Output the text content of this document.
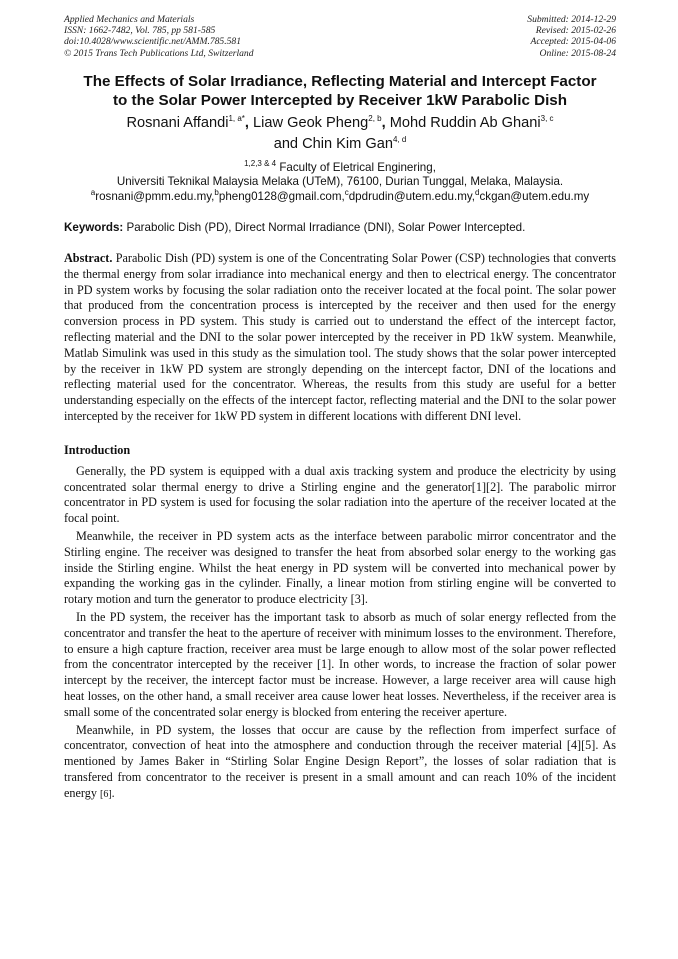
Applied Mechanics and Materials
ISSN: 1662-7482, Vol. 785, pp 581-585
doi:10.4028/www.scientific.net/AMM.785.581
© 2015 Trans Tech Publications Ltd, Switzerland
Submitted: 2014-12-29
Revised: 2015-02-26
Accepted: 2015-04-06
Online: 2015-08-24
The Effects of Solar Irradiance, Reflecting Material and Intercept Factor
to the Solar Power Intercepted by Receiver 1kW Parabolic Dish
Rosnani Affandi$^{1, a*}$, Liaw Geok Pheng$^{2, b}$, Mohd Ruddin Ab Ghani$^{3, c}$
and Chin Kim Gan$^{4, d}$
$^{1,2,3 \& 4}$ Faculty of Eletrical Enginering,
Universiti Teknikal Malaysia Melaka (UTeM), 76100, Durian Tunggal, Melaka, Malaysia.
$^a$rosnani@pmm.edu.my,$^b$pheng0128@gmail.com,$^c$dpdrudin@utem.edu.my,$^d$ckgan@utem.edu.my
Keywords: Parabolic Dish (PD), Direct Normal Irradiance (DNI), Solar Power Intercepted.
Abstract. Parabolic Dish (PD) system is one of the Concentrating Solar Power (CSP) technologies that converts the thermal energy from solar irradiance into mechanical energy and then to electrical energy. The concentrator in PD system works by focusing the solar radiation onto the receiver located at the focal point. The solar power that produced from the concentration process is intercepted by the receiver and then used for the energy conversion process in PD system. This study is carried out to understand the effect of the intercept factor, reflecting material and the DNI to the solar power intercepted by the receiver in PD 1kW system. Meanwhile, Matlab Simulink was used in this study as the simulation tool. The study shows that the solar power intercepted by the receiver in 1kW PD system are strongly depending on the intercept factor, DNI of the locations and reflecting material used for the concentrator. Whereas, the results from this study are useful for a better understanding especially on the effects of the intercept factor, reflecting material and the DNI to the solar power intercepted by the receiver for 1kW PD system in different locations with different DNI level.
Introduction
Generally, the PD system is equipped with a dual axis tracking system and produce the electricity by using concentrated solar thermal energy to drive a Stirling engine and the generator[1][2]. The parabolic mirror concentrator in PD system is used for focusing the solar radiation into the aperture of the receiver located at the focal point.
Meanwhile, the receiver in PD system acts as the interface between parabolic mirror concentrator and the Stirling engine. The receiver was designed to transfer the heat from absorbed solar energy to the working gas inside the Stirling engine. Whilst the heat energy in PD system will be converted into mechanical power by expanding the working gas in the cylinder. Finally, a linear motion from stirling engine will be converted to rotary motion and turn the generator to produce electricity [3].
In the PD system, the receiver has the important task to absorb as much of solar energy reflected from the concentrator and transfer the heat to the aperture of receiver with minimum losses to the environment. Therefore, to ensure a high capture fraction, receiver area must be large enough to allow most of the solar power reflected from the concentrator intercepted by the receiver [1]. In other words, to increase the fraction of solar power intercept by the receiver, the intercept factor must be increase. However, a large receiver area will cause high heat losses, on the other hand, a small receiver area cause lower heat losses. Nevertheless, if the receiver area is small some of the concentrated solar energy is blocked from entering the receiver aperture.
Meanwhile, in PD system, the losses that occur are cause by the reflection from imperfect surface of concentrator, convection of heat into the atmosphere and conduction through the receiver material [4][5]. As mentioned by James Baker in “Stirling Solar Engine Design Report”, the losses of solar radiation that is transfered from concentrator to the receiver is present in a small amount and can reach 10% of the incident energy [6].
